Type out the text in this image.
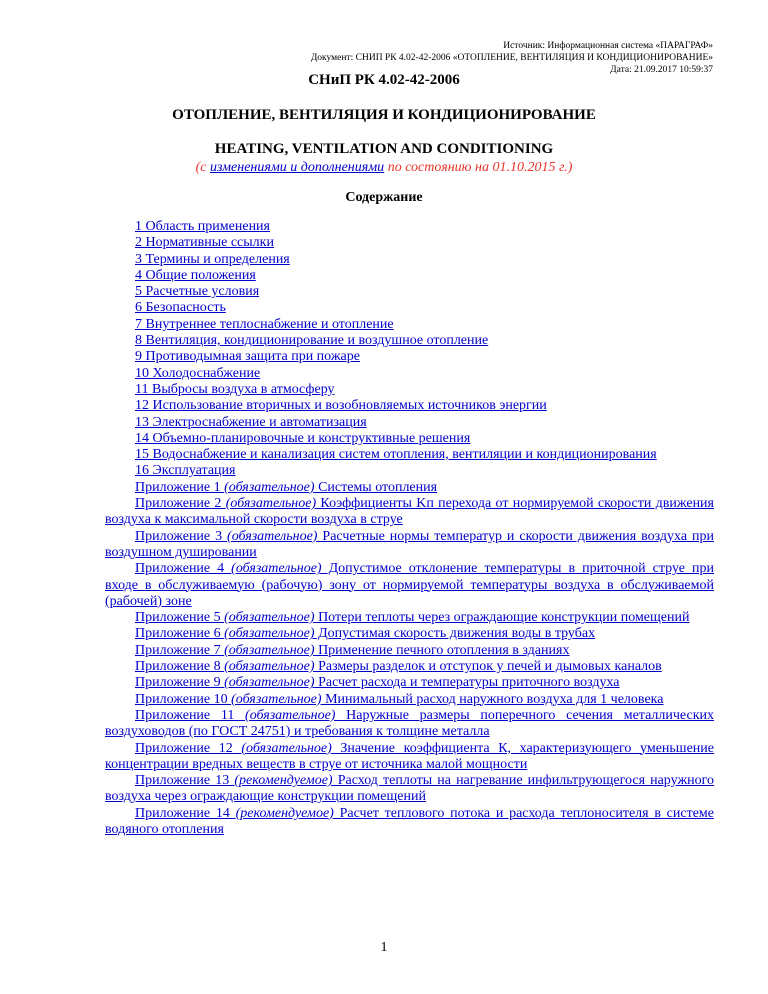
Источник: Информационная система «ПАРАГРАФ»
Документ: СНИП РК 4.02-42-2006 «ОТОПЛЕНИЕ, ВЕНТИЛЯЦИЯ И КОНДИЦИОНИРОВАНИЕ»
Дата: 21.09.2017 10:59:37
СНиП РК 4.02-42-2006
ОТОПЛЕНИЕ, ВЕНТИЛЯЦИЯ И КОНДИЦИОНИРОВАНИЕ
HEATING, VENTILATION AND CONDITIONING
(с изменениями и дополнениями по состоянию на 01.10.2015 г.)
Содержание
1 Область применения
2 Нормативные ссылки
3 Термины и определения
4 Общие положения
5 Расчетные условия
6 Безопасность
7 Внутреннее теплоснабжение и отопление
8 Вентиляция, кондиционирование и воздушное отопление
9 Противодымная защита при пожаре
10 Холодоснабжение
11 Выбросы воздуха в атмосферу
12 Использование вторичных и возобновляемых источников энергии
13 Электроснабжение и автоматизация
14 Объемно-планировочные и конструктивные решения
15 Водоснабжение и канализация систем отопления, вентиляции и кондиционирования
16 Эксплуатация
Приложение 1 (обязательное) Системы отопления
Приложение 2 (обязательное) Коэффициенты Kп перехода от нормируемой скорости движения воздуха к максимальной скорости воздуха в струе
Приложение 3 (обязательное) Расчетные нормы температур и скорости движения воздуха при воздушном душировании
Приложение 4 (обязательное) Допустимое отклонение температуры в приточной струе при входе в обслуживаемую (рабочую) зону от нормируемой температуры воздуха в обслуживаемой (рабочей) зоне
Приложение 5 (обязательное) Потери теплоты через ограждающие конструкции помещений
Приложение 6 (обязательное) Допустимая скорость движения воды в трубах
Приложение 7 (обязательное) Применение печного отопления в зданиях
Приложение 8 (обязательное) Размеры разделок и отступок у печей и дымовых каналов
Приложение 9 (обязательное) Расчет расхода и температуры приточного воздуха
Приложение 10 (обязательное) Минимальный расход наружного воздуха для 1 человека
Приложение 11 (обязательное) Наружные размеры поперечного сечения металлических воздуховодов (по ГОСТ 24751) и требования к толщине металла
Приложение 12 (обязательное) Значение коэффициента К, характеризующего уменьшение концентрации вредных веществ в струе от источника малой мощности
Приложение 13 (рекомендуемое) Расход теплоты на нагревание инфильтрующегося наружного воздуха через ограждающие конструкции помещений
Приложение 14 (рекомендуемое) Расчет теплового потока и расхода теплоносителя в системе водяного отопления
1
